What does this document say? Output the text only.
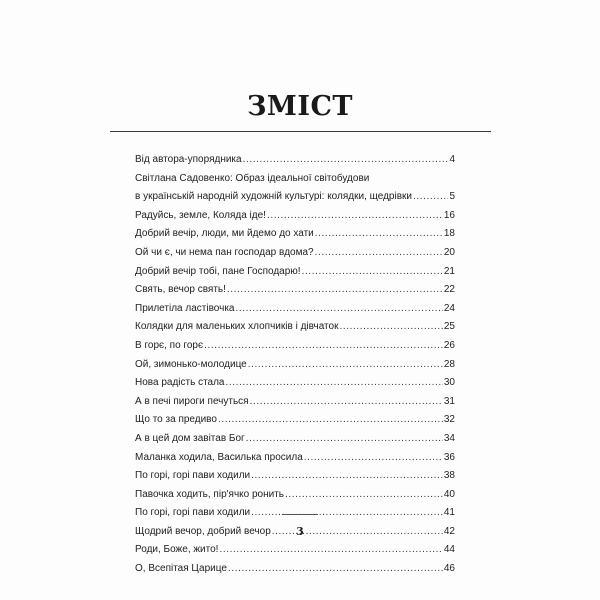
ЗМІСТ
Від автора-упорядника .....	4
Світлана Садовенко: Образ ідеальної світобудови
в українській народній художній культурі: колядки, щедрівки .....	5
Радуйсь, земле, Коляда іде! .....	16
Добрий вечір, люди, ми йдемо до хати .....	18
Ой чи є, чи нема пан господар вдома? .....	20
Добрий вечір тобі, пане Господарю! .....	21
Свять, вечор свять! .....	22
Прилетіла ластівочка .....	24
Колядки для маленьких хлопчиків і дівчаток .....	25
В горє, по горє .....	26
Ой, зимонько-молодице .....	28
Нова радість стала .....	30
А в печі пироги печуться .....	31
Що то за предиво .....	32
А в цей дом завітав Бог .....	34
Маланка ходила, Василька просила .....	36
По горі, горі пави ходили .....	38
Павочка ходить, пір'ячко ронить .....	40
По горі, горі пави ходили .....	41
Щодрий вечор, добрий вечор .....	42
Роди, Боже, жито! .....	44
О, Всепітая Царице .....	46
3
